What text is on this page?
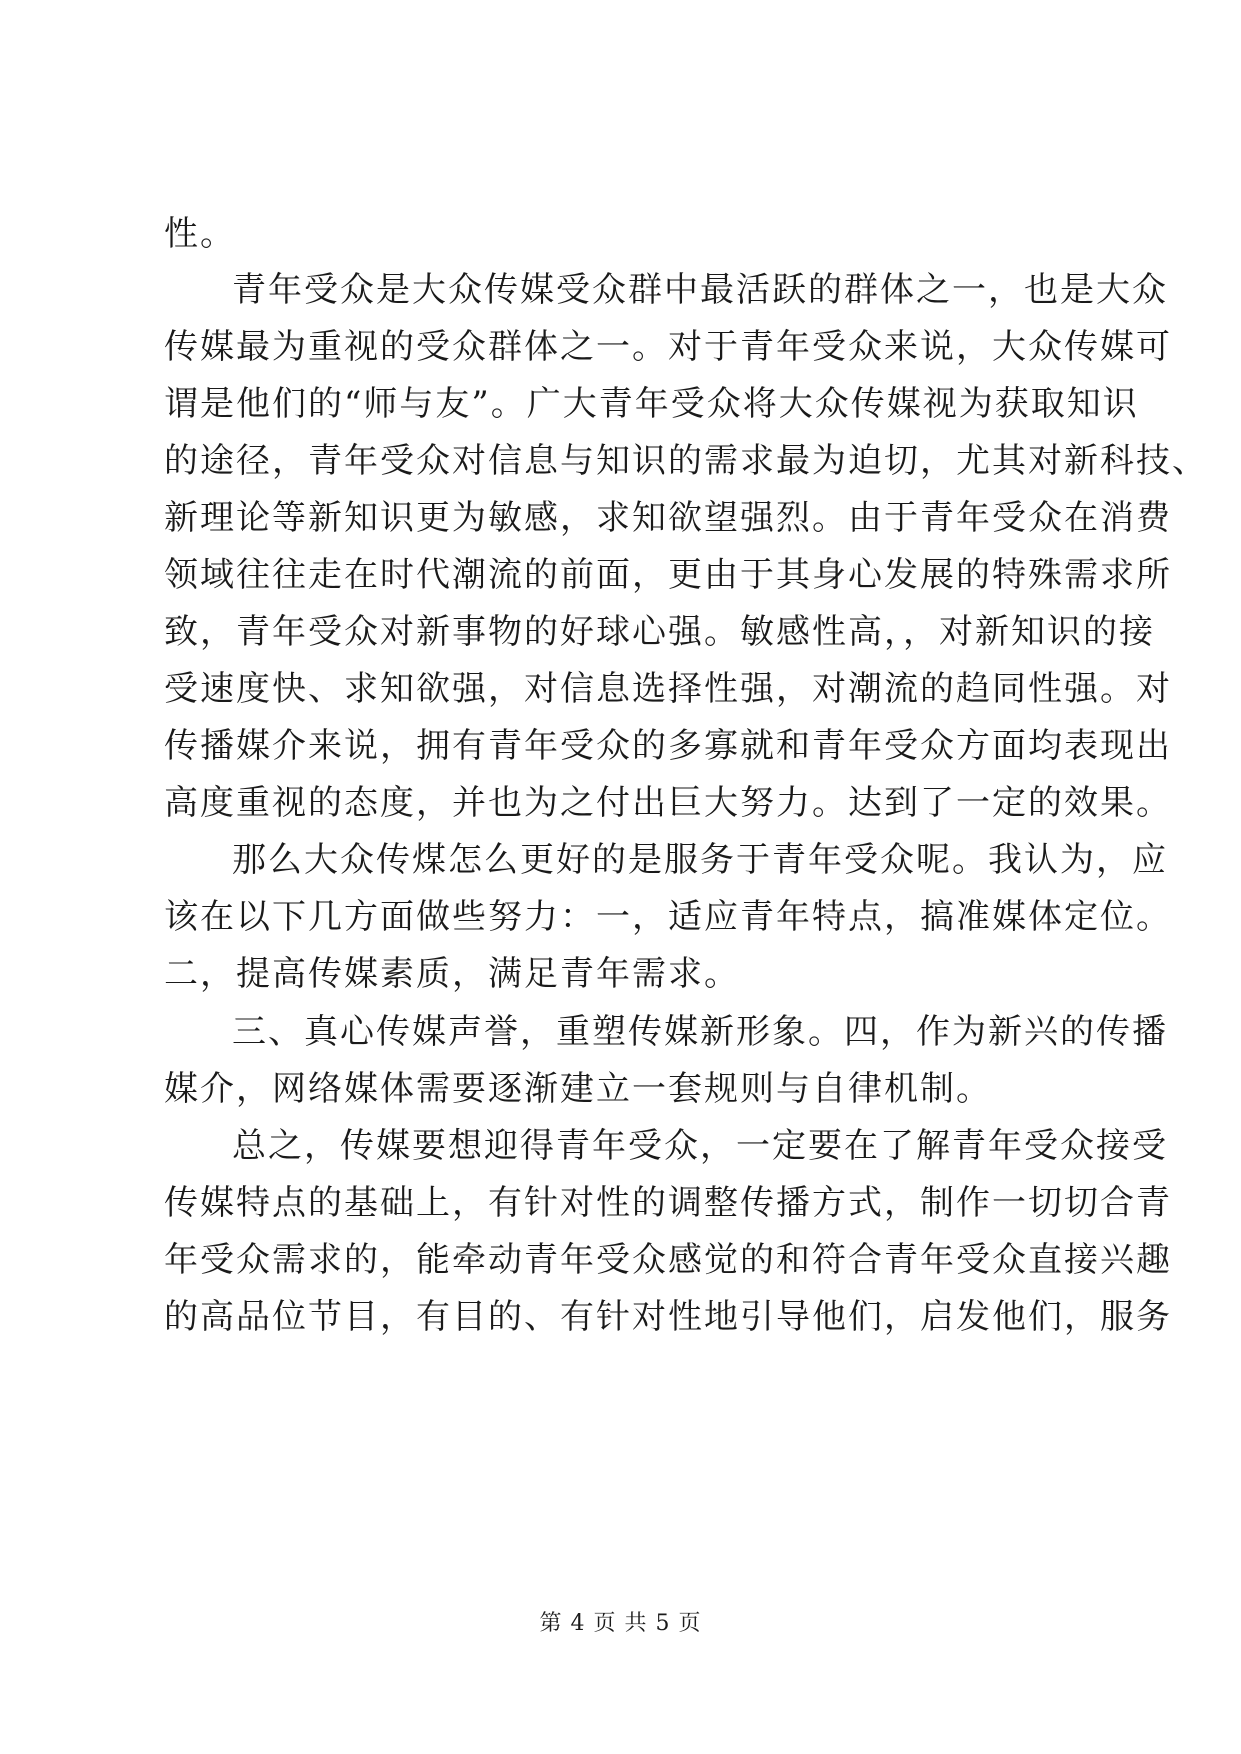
性。
青年受众是大众传媒受众群中最活跃的群体之一，也是大众
传媒最为重视的受众群体之一。对于青年受众来说，大众传媒可
谓是他们的“师与友”。广大青年受众将大众传媒视为获取知识
的途径，青年受众对信息与知识的需求最为迫切，尤其对新科技、
新理论等新知识更为敏感，求知欲望强烈。由于青年受众在消费
领域往往走在时代潮流的前面，更由于其身心发展的特殊需求所
致，青年受众对新事物的好球心强。敏感性高，，对新知识的接
受速度快、求知欲强，对信息选择性强，对潮流的趋同性强。对
传播媒介来说，拥有青年受众的多寡就和青年受众方面均表现出
高度重视的态度，并也为之付出巨大努力。达到了一定的效果。
那么大众传煤怎么更好的是服务于青年受众呢。我认为，应
该在以下几方面做些努力：一，适应青年特点，搞准媒体定位。
二，提高传媒素质，满足青年需求。
三、真心传媒声誉，重塑传媒新形象。四，作为新兴的传播
媒介，网络媒体需要逐渐建立一套规则与自律机制。
总之，传媒要想迎得青年受众，一定要在了解青年受众接受
传媒特点的基础上，有针对性的调整传播方式，制作一切切合青
年受众需求的，能牵动青年受众感觉的和符合青年受众直接兴趣
的高品位节目，有目的、有针对性地引导他们，启发他们，服务
第 4 页 共 5 页
